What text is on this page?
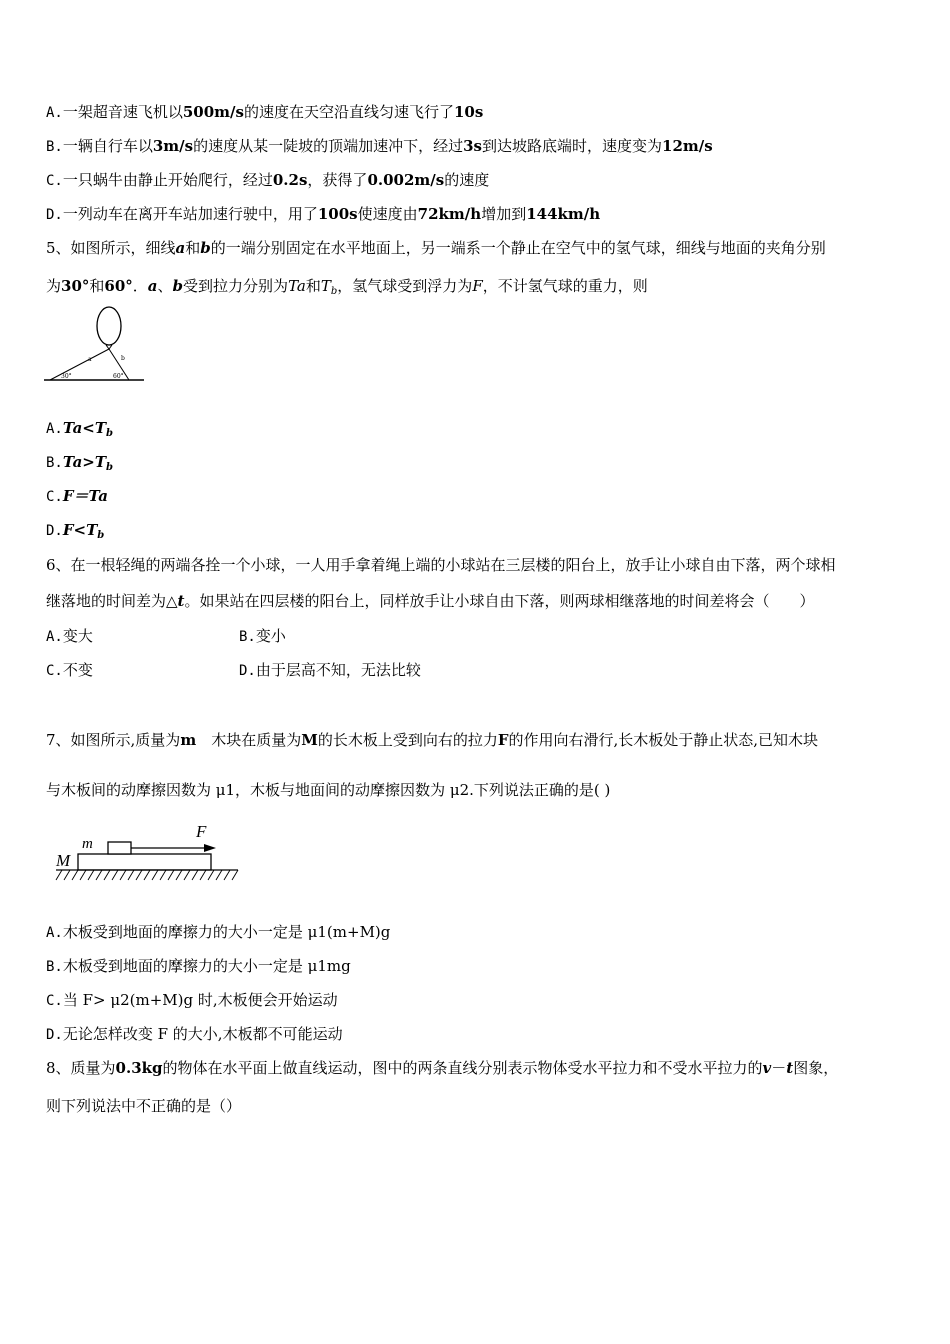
A.一架超音速飞机以500m/s的速度在天空沿直线匀速飞行了10s
B.一辆自行车以3m/s的速度从某一陡坡的顶端加速冲下，经过3s到达坡路底端时，速度变为12m/s
C.一只蜗牛由静止开始爬行，经过0.2s，获得了0.002m/s的速度
D.一列动车在离开车站加速行驶中，用了100s使速度由72km/h增加到144km/h
5、如图所示，细线a和b的一端分别固定在水平地面上，另一端系一个静止在空气中的氢气球，细线与地面的夹角分别
为30°和60°．a、b受到拉力分别为Ta和$T_b$，氢气球受到浮力为F，不计氢气球的重力，则
a	b
30°	60°
$A.Ta<T_b$
$B.Ta>T_b$
C.F＝Ta
$D.F<T_b$
6、在一根轻绳的两端各拴一个小球，一人用手拿着绳上端的小球站在三层楼的阳台上，放手让小球自由下落，两个球相
继落地的时间差为△t。如果站在四层楼的阳台上，同样放手让小球自由下落，则两球相继落地的时间差将会（　　）
A.变大	B.变小
C.不变	D.由于层高不知，无法比较
7、如图所示,质量为m　木块在质量为M的长木板上受到向右的拉力F的作用向右滑行,长木板处于静止状态,已知木块
与木板间的动摩擦因数为 μ1，木板与地面间的动摩擦因数为 μ2.下列说法正确的是( )
m
F
M
A.木板受到地面的摩擦力的大小一定是 μ1(m+M)g
B.木板受到地面的摩擦力的大小一定是 μ1mg
C.当 F> μ2(m+M)g 时,木板便会开始运动
D.无论怎样改变 F 的大小,木板都不可能运动
8、质量为0.3kg的物体在水平面上做直线运动，图中的两条直线分别表示物体受水平拉力和不受水平拉力的v－t图象，
则下列说法中不正确的是（）
